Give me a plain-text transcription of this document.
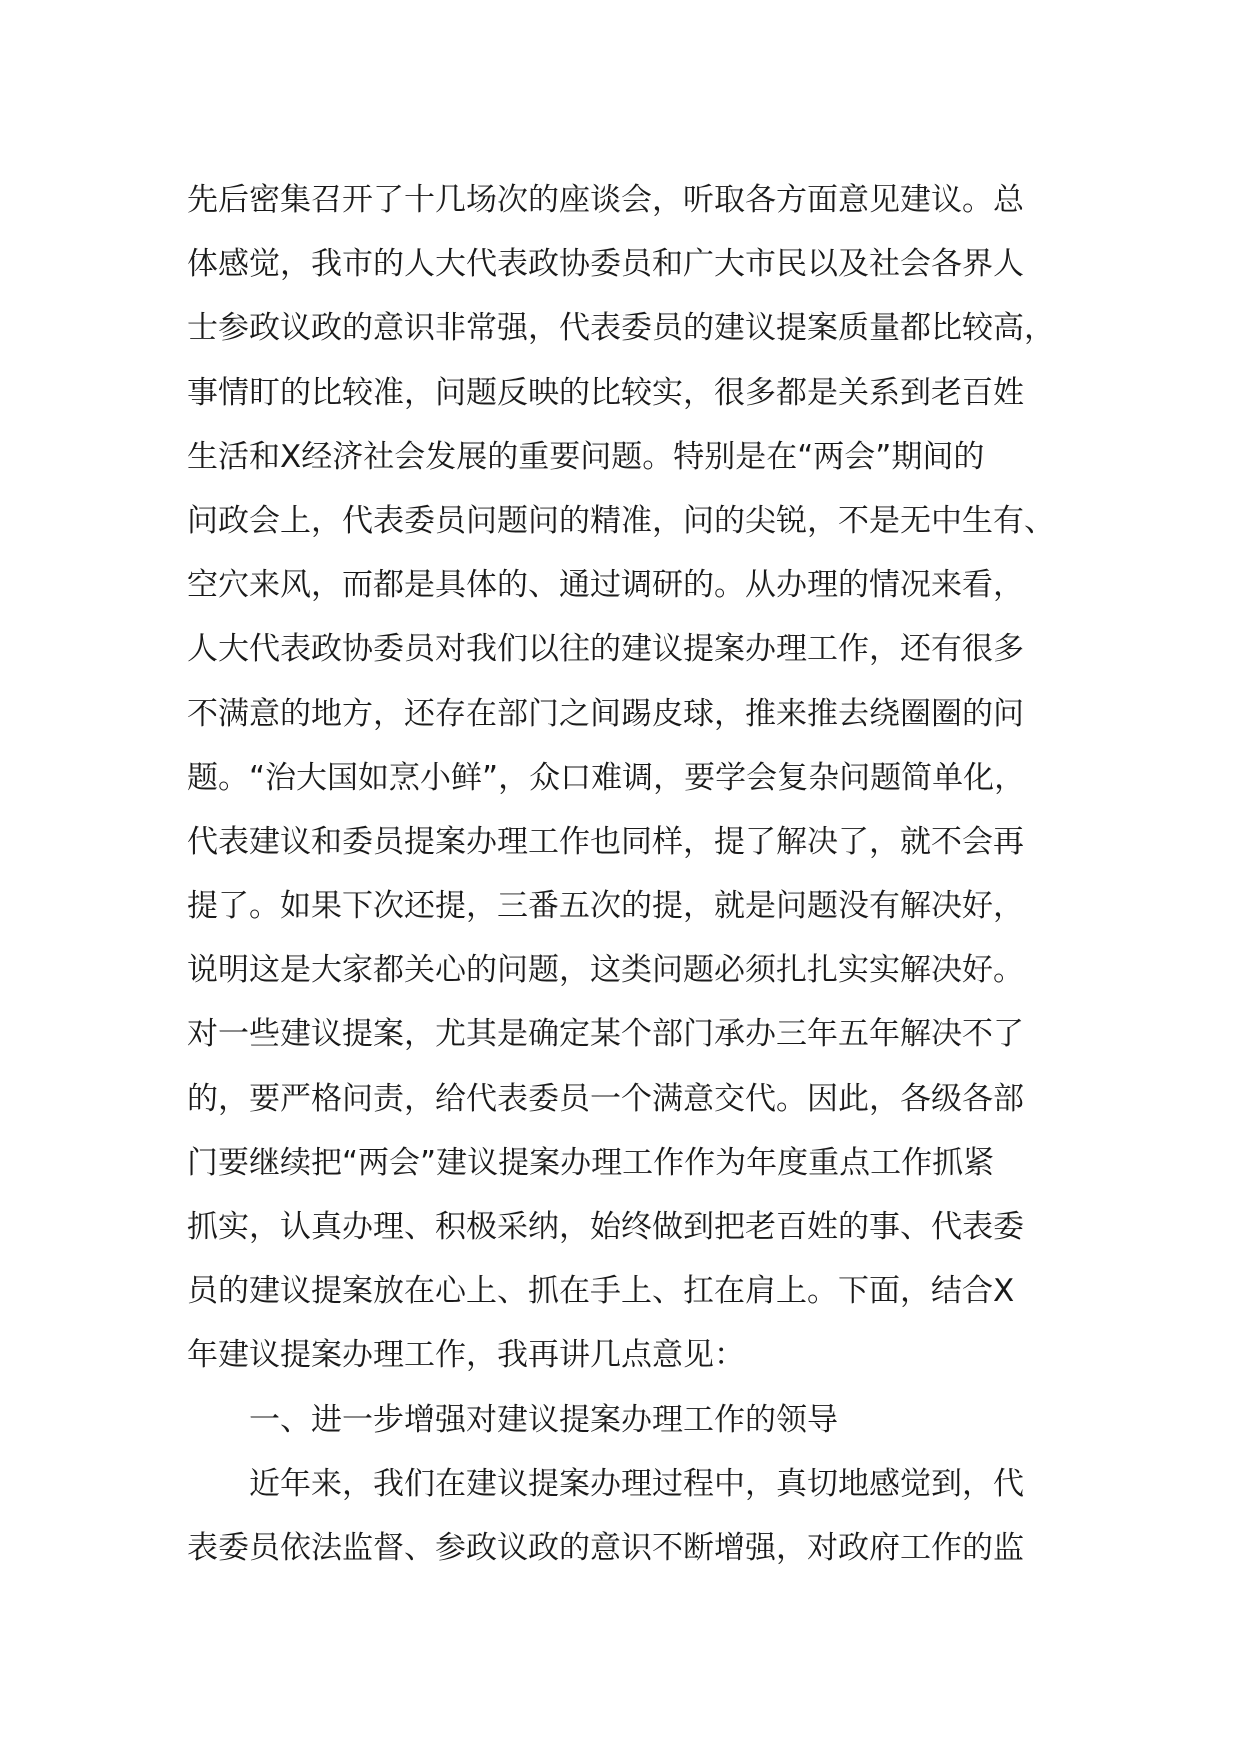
先后密集召开了十几场次的座谈会，听取各方面意见建议。总
体感觉，我市的人大代表政协委员和广大市民以及社会各界人
士参政议政的意识非常强，代表委员的建议提案质量都比较高，
事情盯的比较准，问题反映的比较实，很多都是关系到老百姓
生活和X经济社会发展的重要问题。特别是在“两会”期间的
问政会上，代表委员问题问的精准，问的尖锐，不是无中生有、
空穴来风，而都是具体的、通过调研的。从办理的情况来看，
人大代表政协委员对我们以往的建议提案办理工作，还有很多
不满意的地方，还存在部门之间踢皮球，推来推去绕圈圈的问
题。“治大国如烹小鲜”，众口难调，要学会复杂问题简单化，
代表建议和委员提案办理工作也同样，提了解决了，就不会再
提了。如果下次还提，三番五次的提，就是问题没有解决好，
说明这是大家都关心的问题，这类问题必须扎扎实实解决好。
对一些建议提案，尤其是确定某个部门承办三年五年解决不了
的，要严格问责，给代表委员一个满意交代。因此，各级各部
门要继续把“两会”建议提案办理工作作为年度重点工作抓紧
抓实，认真办理、积极采纳，始终做到把老百姓的事、代表委
员的建议提案放在心上、抓在手上、扛在肩上。下面，结合X
年建议提案办理工作，我再讲几点意见：
一、进一步增强对建议提案办理工作的领导
近年来，我们在建议提案办理过程中，真切地感觉到，代
表委员依法监督、参政议政的意识不断增强，对政府工作的监
